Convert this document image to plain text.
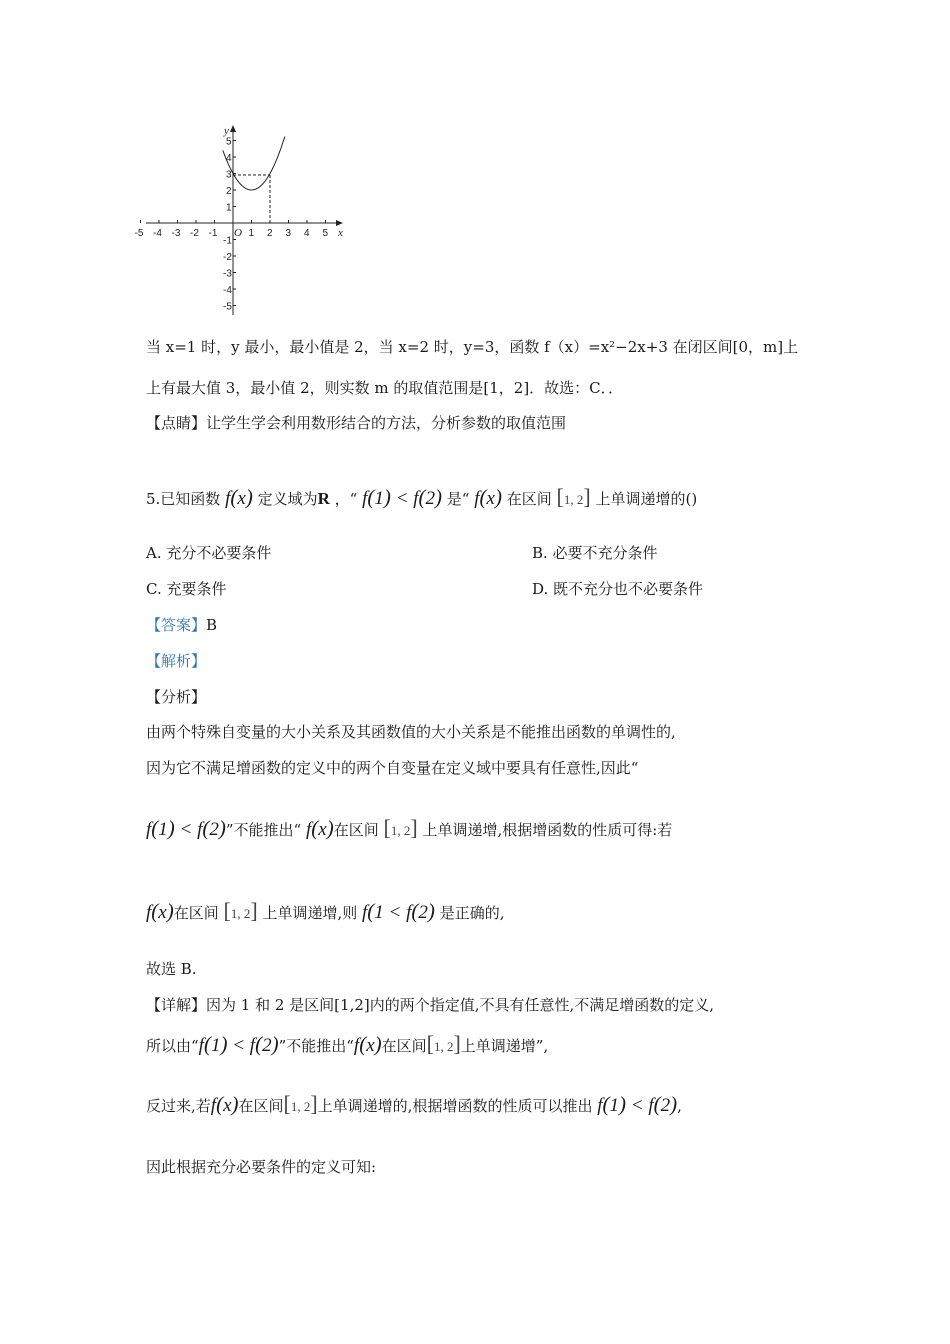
-5 -4 -3 -2 -1	1 2 3 4 5
5
4
3
2
1
-1
-2
-3
-4
-5
y
x
O
当 x=1 时，y 最小，最小值是 2，当 x=2 时，y=3，函数 f（x）=x²−2x+3 在闭区间[0，m]上
上有最大值 3，最小值 2，则实数 m 的取值范围是[1，2]．故选：C．．
【点睛】让学生学会利用数形结合的方法，分析参数的取值范围
5.已知函数 f(x) 定义域为R ，“ f(1) < f(2) 是“ f(x) 在区间 [1, 2] 上单调递增的()
A. 充分不必要条件	B. 必要不充分条件
C. 充要条件	D. 既不充分也不必要条件
【答案】B
【解析】
【分析】
由两个特殊自变量的大小关系及其函数值的大小关系是不能推出函数的单调性的,
因为它不满足增函数的定义中的两个自变量在定义域中要具有任意性,因此“
f(1) < f(2)”不能推出“ f(x)在区间 [1, 2] 上单调递增,根据增函数的性质可得:若
f(x)在区间 [1, 2] 上单调递增,则 f(1 < f(2) 是正确的,
故选 B.
【详解】因为 1 和 2 是区间[1,2]内的两个指定值,不具有任意性,不满足增函数的定义,
所以由“f(1) < f(2)”不能推出“f(x)在区间[1, 2]上单调递增”,
反过来,若f(x)在区间[1, 2]上单调递增的,根据增函数的性质可以推出 f(1) < f(2),
因此根据充分必要条件的定义可知:
